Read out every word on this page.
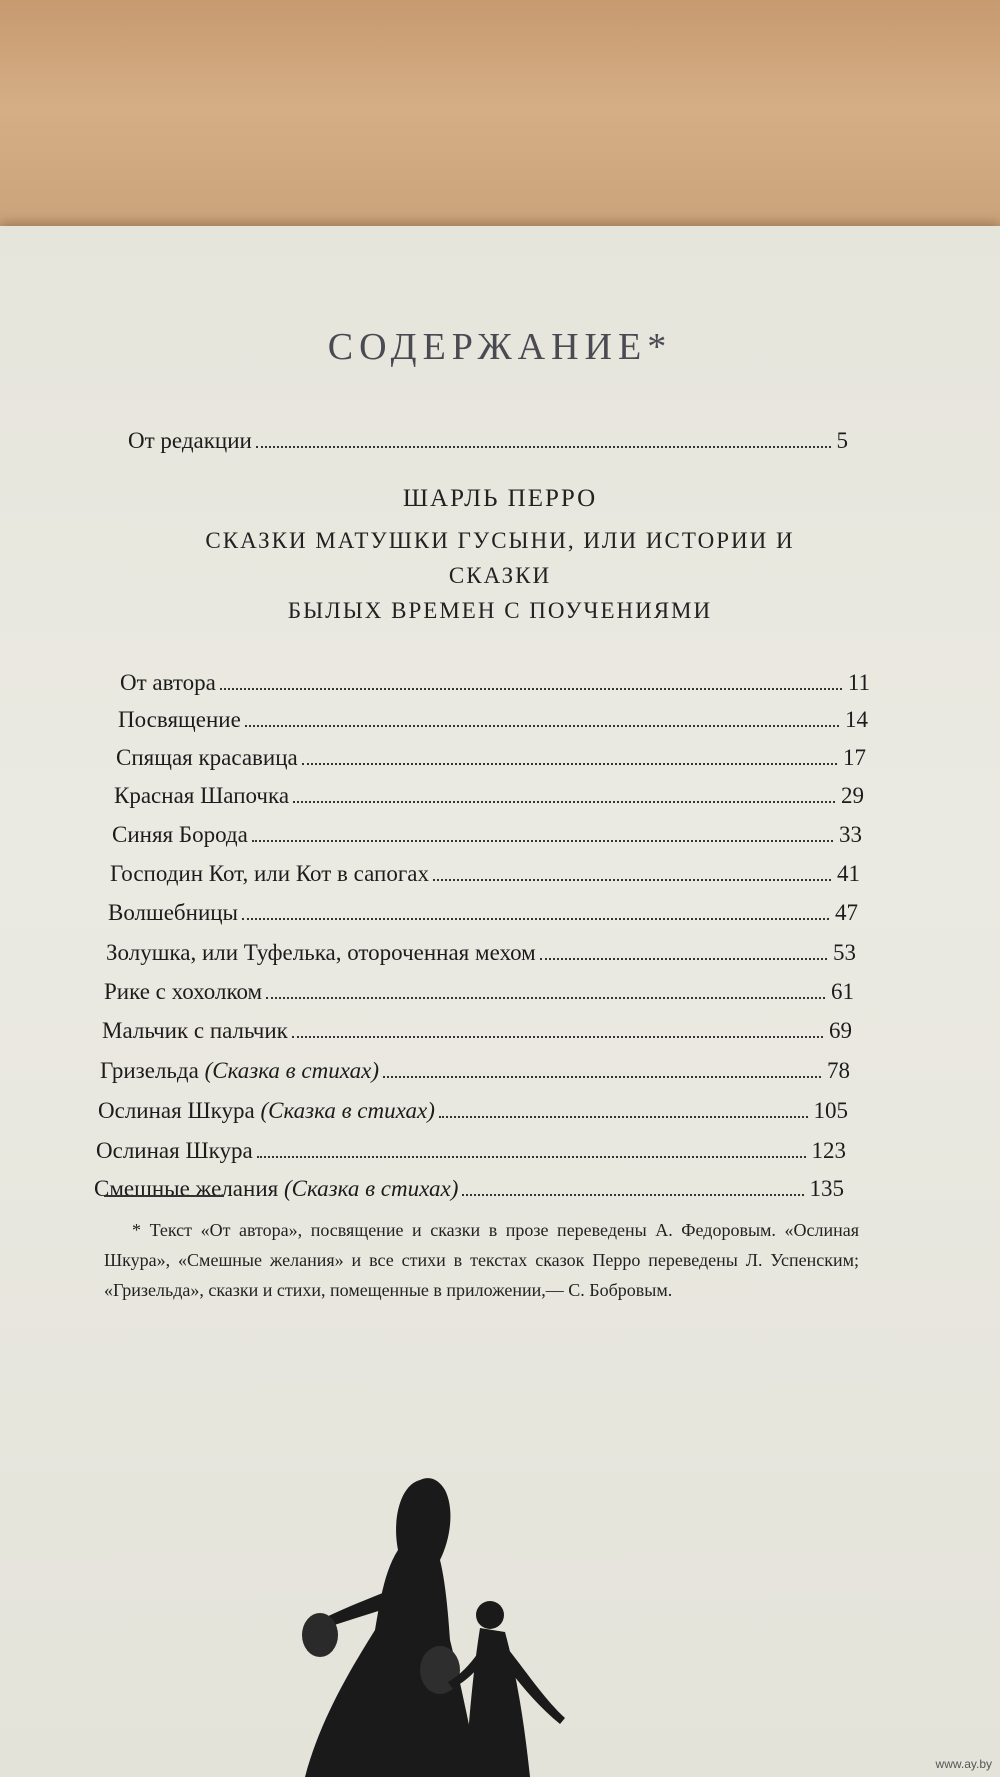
СОДЕРЖАНИЕ*
От редакции	5
ШАРЛЬ ПЕРРО
СКАЗКИ МАТУШКИ ГУСЫНИ, ИЛИ ИСТОРИИ И
СКАЗКИ
БЫЛЫХ ВРЕМЕН С ПОУЧЕНИЯМИ
От автора	11
Посвящение	14
Спящая красавица	17
Красная Шапочка	29
Синяя Борода	33
Господин Кот, или Кот в сапогах	41
Волшебницы	47
Золушка, или Туфелька, отороченная мехом	53
Рике с хохолком	61
Мальчик с пальчик	69
Гризельда (Сказка в стихах)	78
Ослиная Шкура (Сказка в стихах)	105
Ослиная Шкура	123
Смешные желания (Сказка в стихах)	135

* Текст «От автора», посвящение и сказки в прозе переведены А. Федоровым. «Ослиная Шкура», «Смешные желания» и все стихи в текстах сказок Перро переведены Л. Успенским; «Гризельда», сказки и стихи, помещенные в приложении,— С. Бобровым.

www.ay.by
